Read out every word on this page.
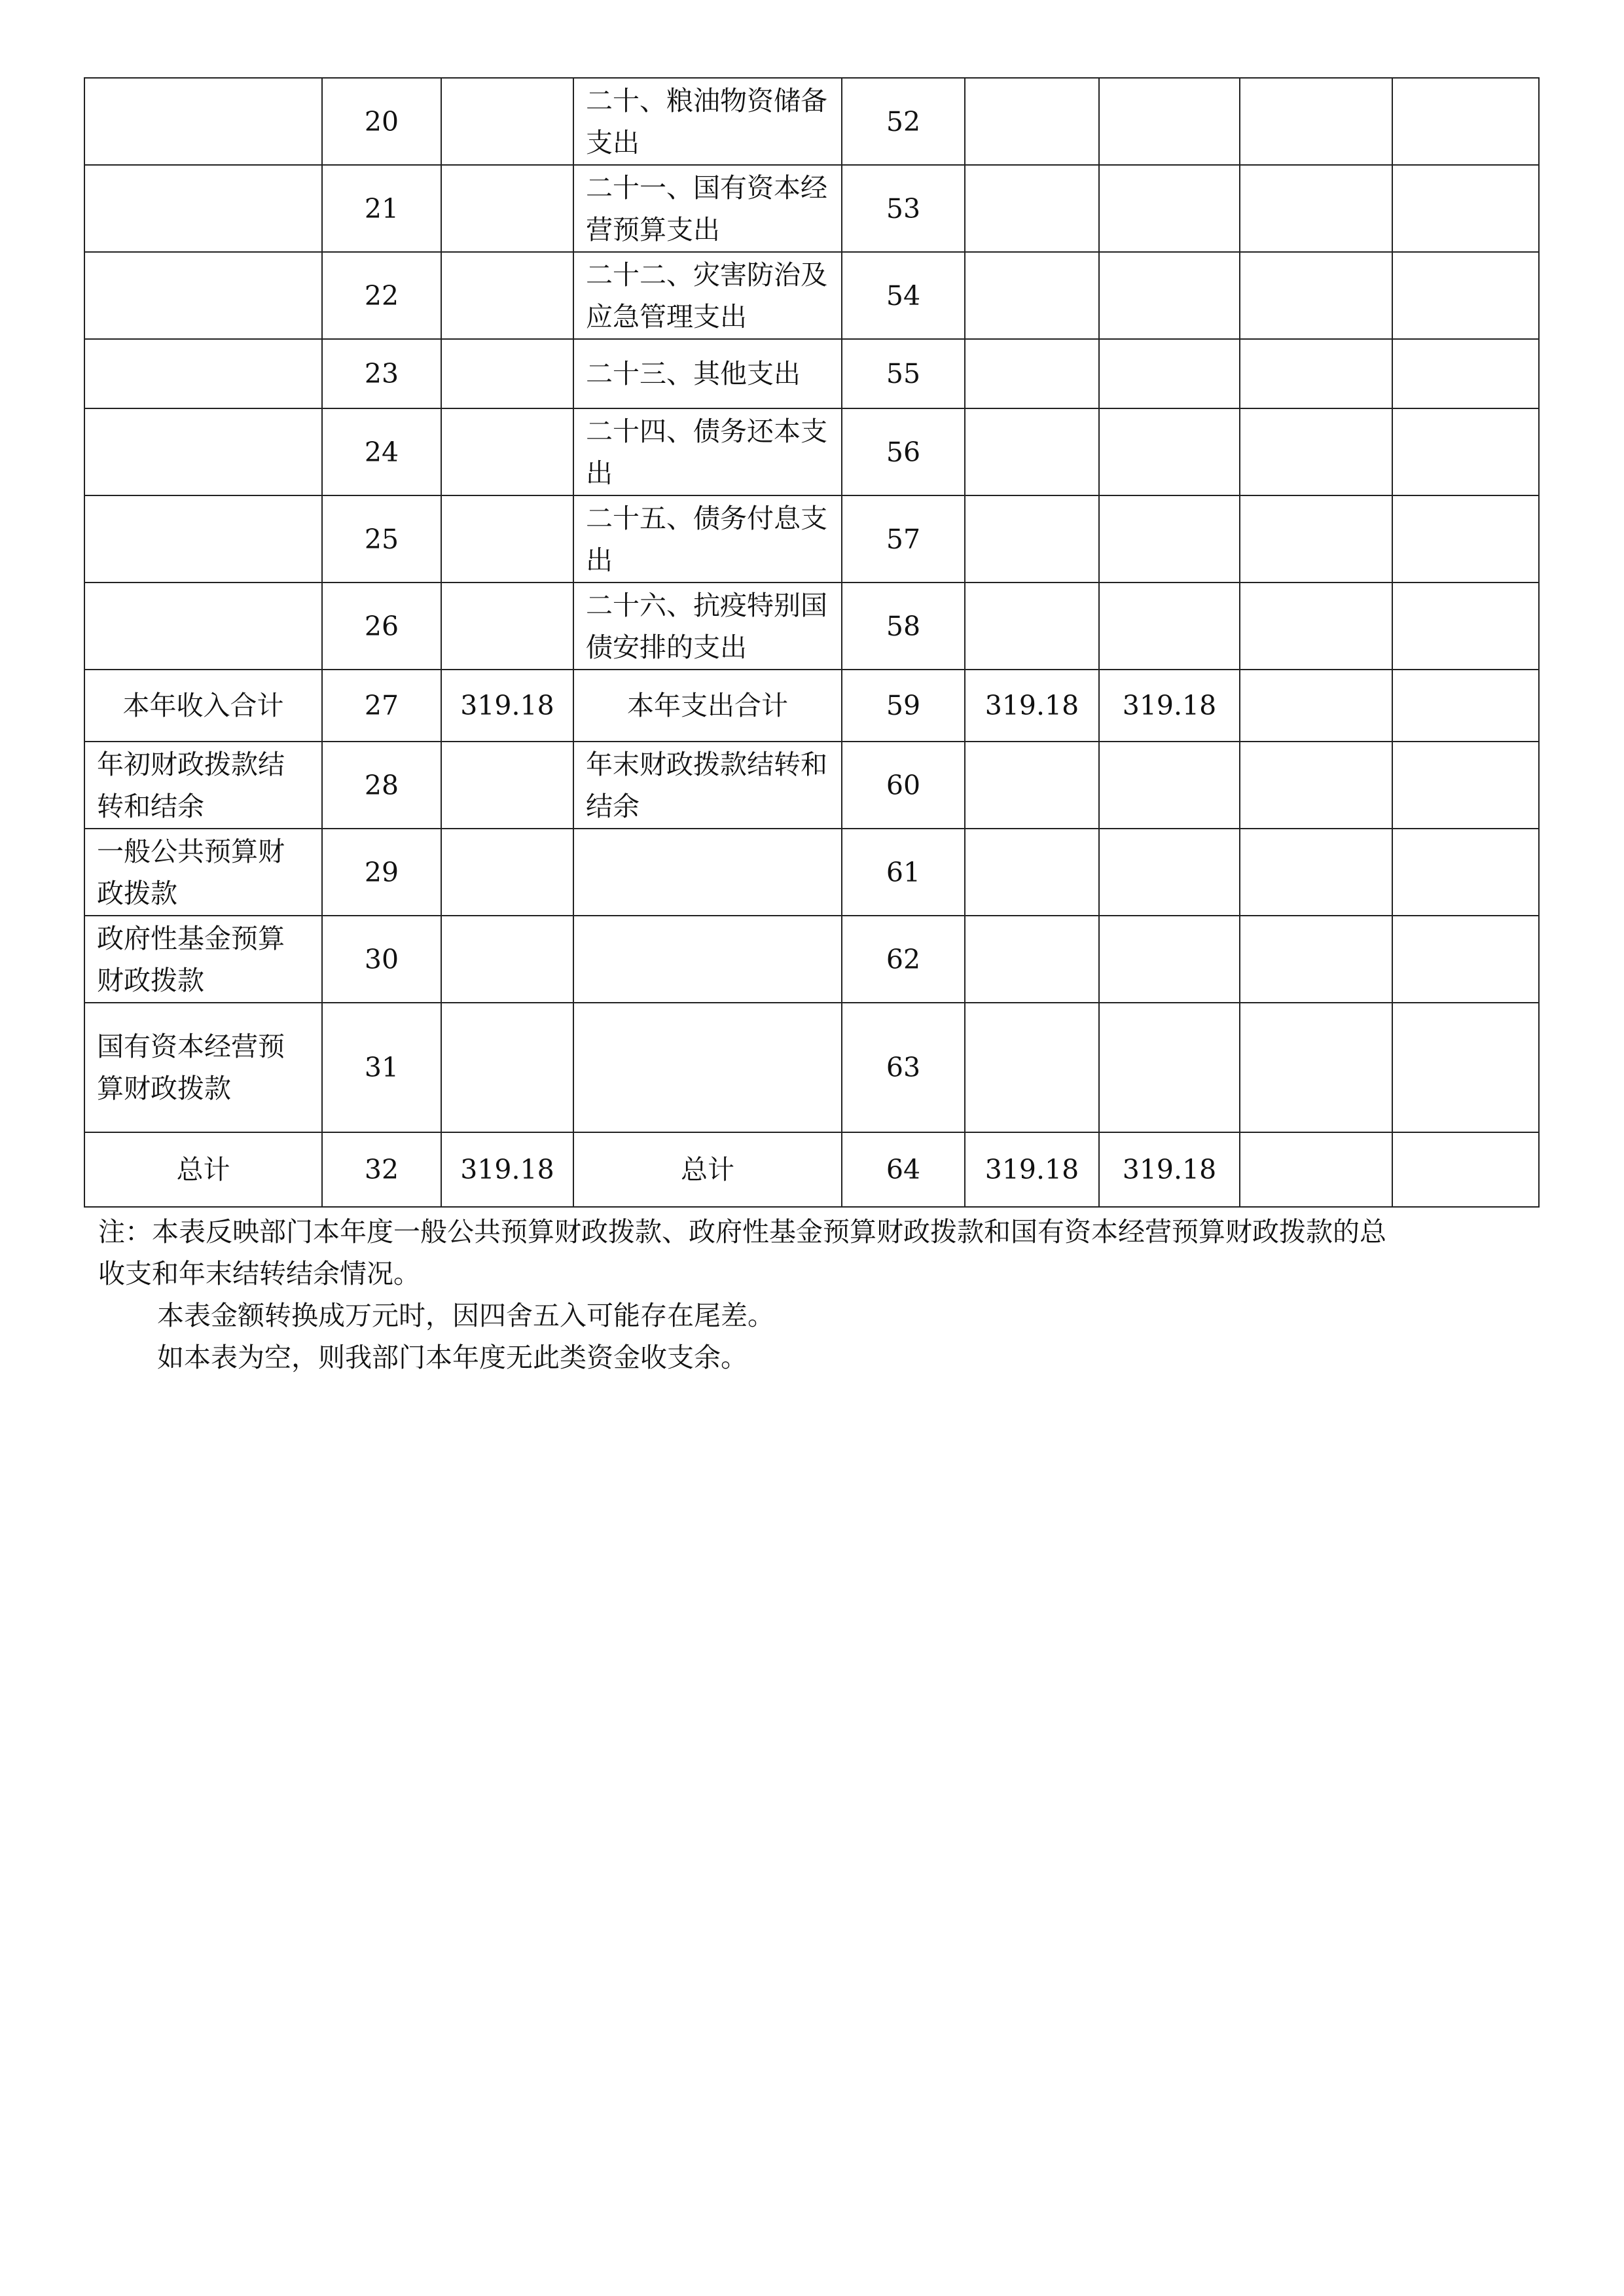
	20		二十、粮油物资储备支出	52				
	21		二十一、国有资本经营预算支出	53				
	22		二十二、灾害防治及应急管理支出	54				
	23		二十三、其他支出	55				
	24		二十四、债务还本支出	56				
	25		二十五、债务付息支出	57				
	26		二十六、抗疫特别国债安排的支出	58				
本年收入合计	27	319.18	本年支出合计	59	319.18	319.18		
年初财政拨款结转和结余	28		年末财政拨款结转和结余	60				
一般公共预算财政拨款	29			61				
政府性基金预算财政拨款	30			62				
国有资本经营预算财政拨款	31			63				
总计	32	319.18	总计	64	319.18	319.18		

注：本表反映部门本年度一般公共预算财政拨款、政府性基金预算财政拨款和国有资本经营预算财政拨款的总收支和年末结转结余情况。

本表金额转换成万元时，因四舍五入可能存在尾差。

如本表为空，则我部门本年度无此类资金收支余。
